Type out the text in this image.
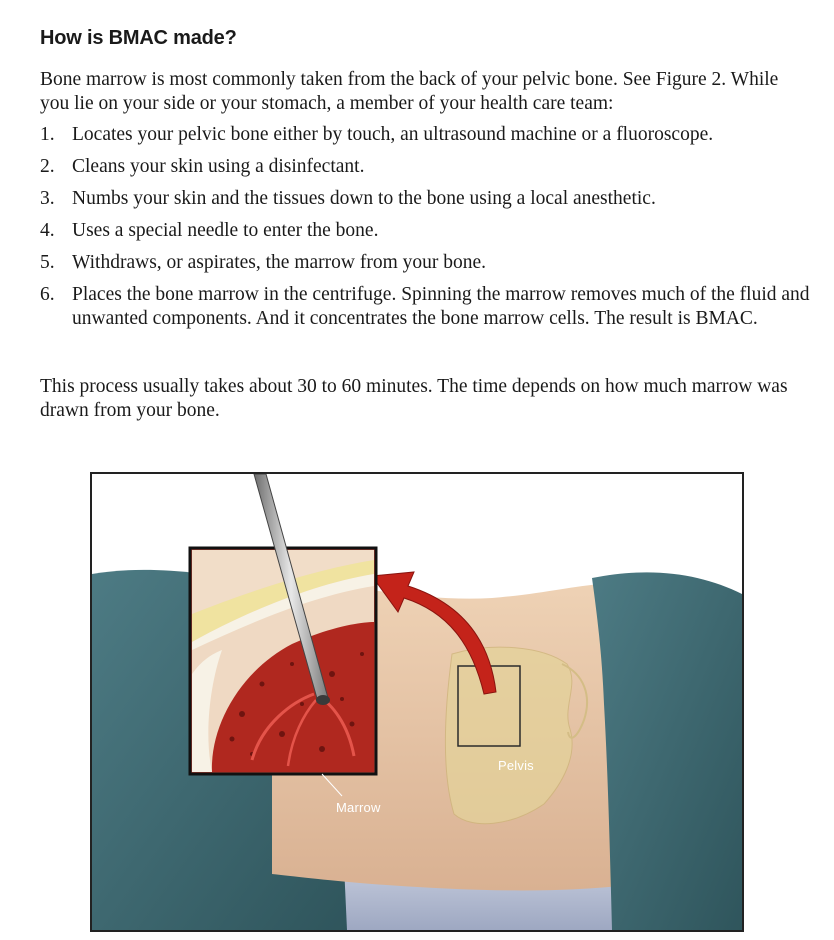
How is BMAC made?

Bone marrow is most commonly taken from the back of your pelvic bone. See Figure 2. While you lie on your side or your stomach, a member of your health care team:

1. Locates your pelvic bone either by touch, an ultrasound machine or a fluoroscope.
2. Cleans your skin using a disinfectant.
3. Numbs your skin and the tissues down to the bone using a local anesthetic.
4. Uses a special needle to enter the bone.
5. Withdraws, or aspirates, the marrow from your bone.
6. Places the bone marrow in the centrifuge. Spinning the marrow removes much of the fluid and unwanted components. And it concentrates the bone marrow cells. The result is BMAC.

This process usually takes about 30 to 60 minutes. The time depends on how much marrow was drawn from your bone.

Pelvis
Marrow
